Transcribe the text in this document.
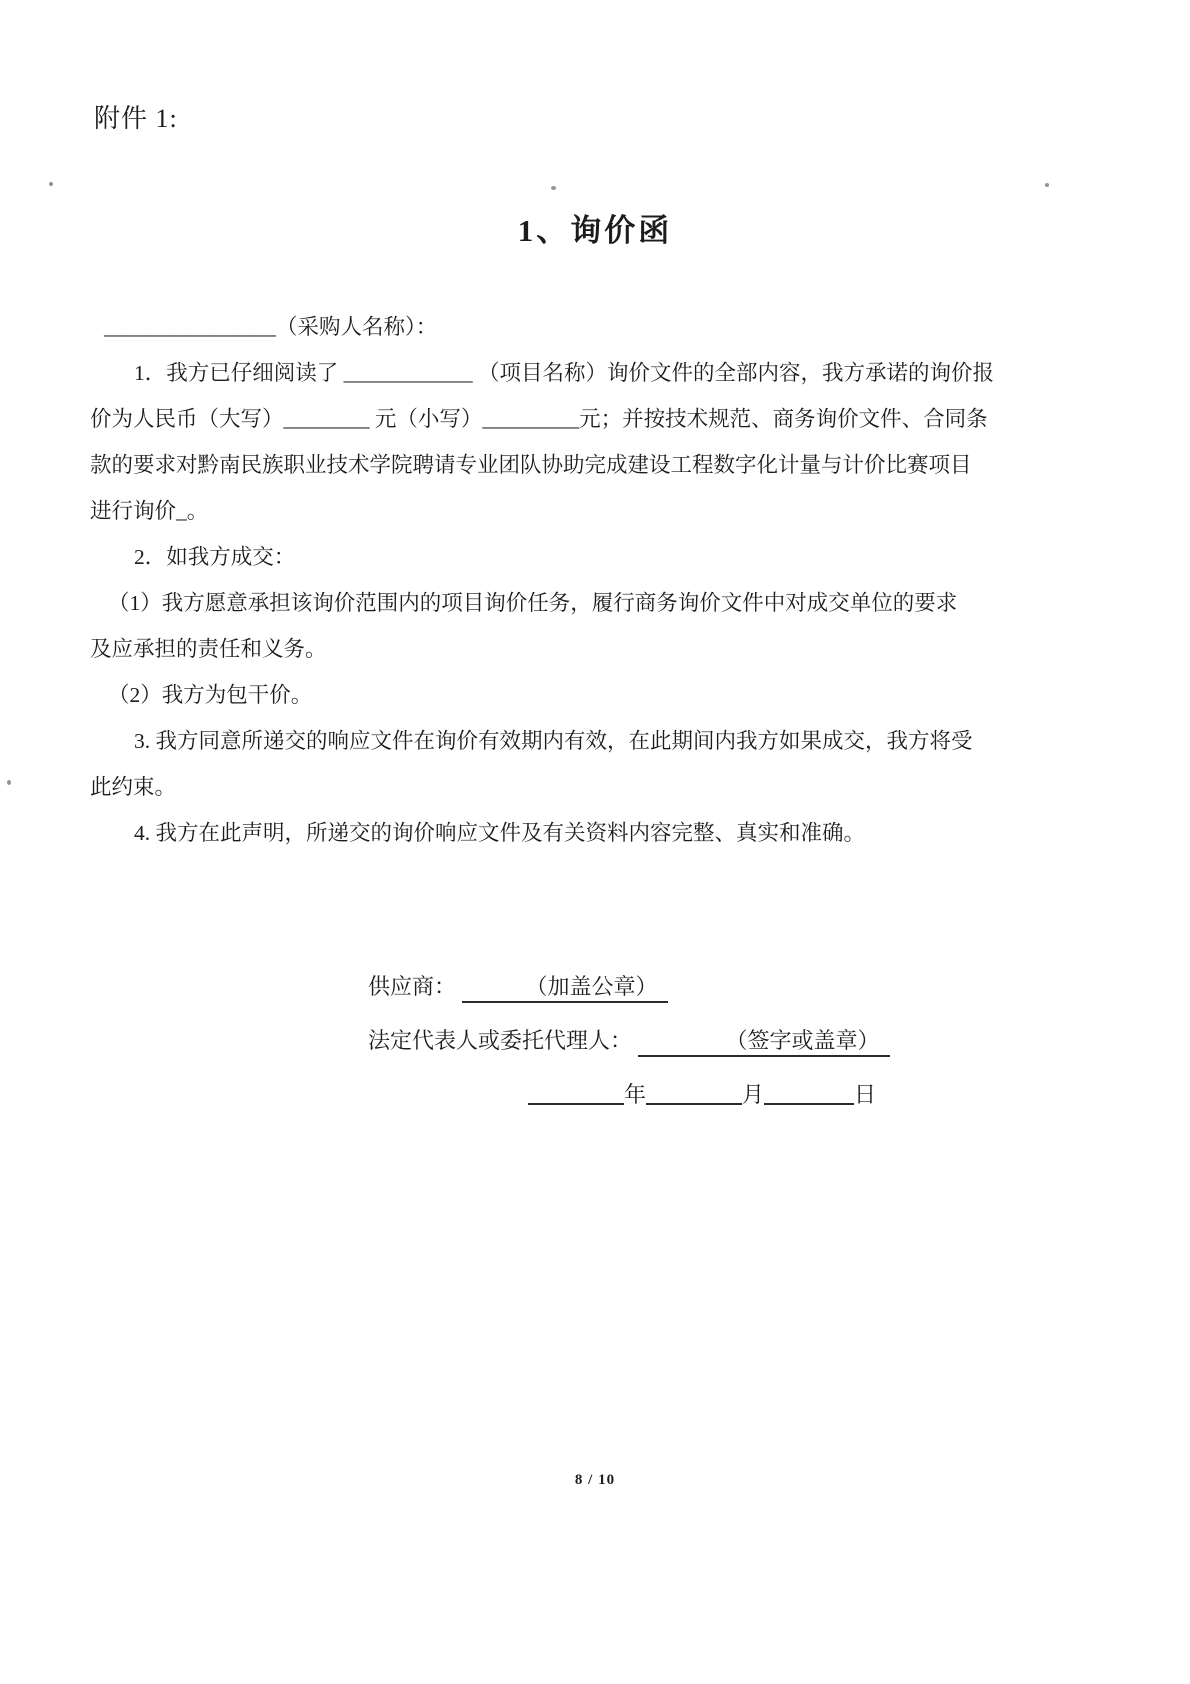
附件 1:
1、询价函
________________（采购人名称）：
1．我方已仔细阅读了 ____________ （项目名称）询价文件的全部内容，我方承诺的询价报
价为人民币（大写）________ 元（小写）_________元；并按技术规范、商务询价文件、合同条
款的要求对黔南民族职业技术学院聘请专业团队协助完成建设工程数字化计量与计价比赛项目
进行询价_。
2．如我方成交：
（1）我方愿意承担该询价范围内的项目询价任务，履行商务询价文件中对成交单位的要求
及应承担的责任和义务。
（2）我方为包干价。
3. 我方同意所递交的响应文件在询价有效期内有效，在此期间内我方如果成交，我方将受
此约束。
4. 我方在此声明，所递交的询价响应文件及有关资料内容完整、真实和准确。
供应商：	（加盖公章）
法定代表人或委托代理人：	（签字或盖章）
年	月	日
8 / 10
